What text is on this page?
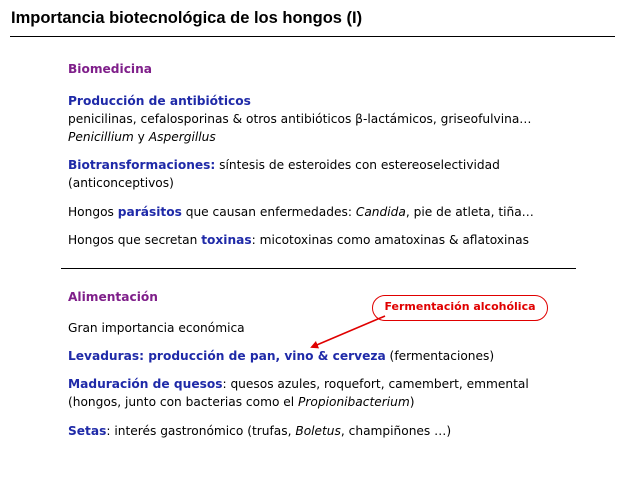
Importancia biotecnológica de los hongos (I)
Biomedicina
Producción de antibióticos
penicilinas, cefalosporinas & otros antibióticos β-lactámicos, griseofulvina…
Penicillium y Aspergillus
Biotransformaciones: síntesis de esteroides con estereoselectividad
(anticonceptivos)
Hongos parásitos que causan enfermedades: Candida, pie de atleta, tiña…
Hongos que secretan toxinas: micotoxinas como amatoxinas & aflatoxinas
Alimentación
Fermentación alcohólica
Gran importancia económica
Levaduras: producción de pan, vino & cerveza (fermentaciones)
Maduración de quesos: quesos azules, roquefort, camembert, emmental
(hongos, junto con bacterias como el Propionibacterium)
Setas: interés gastronómico (trufas, Boletus, champiñones …)
